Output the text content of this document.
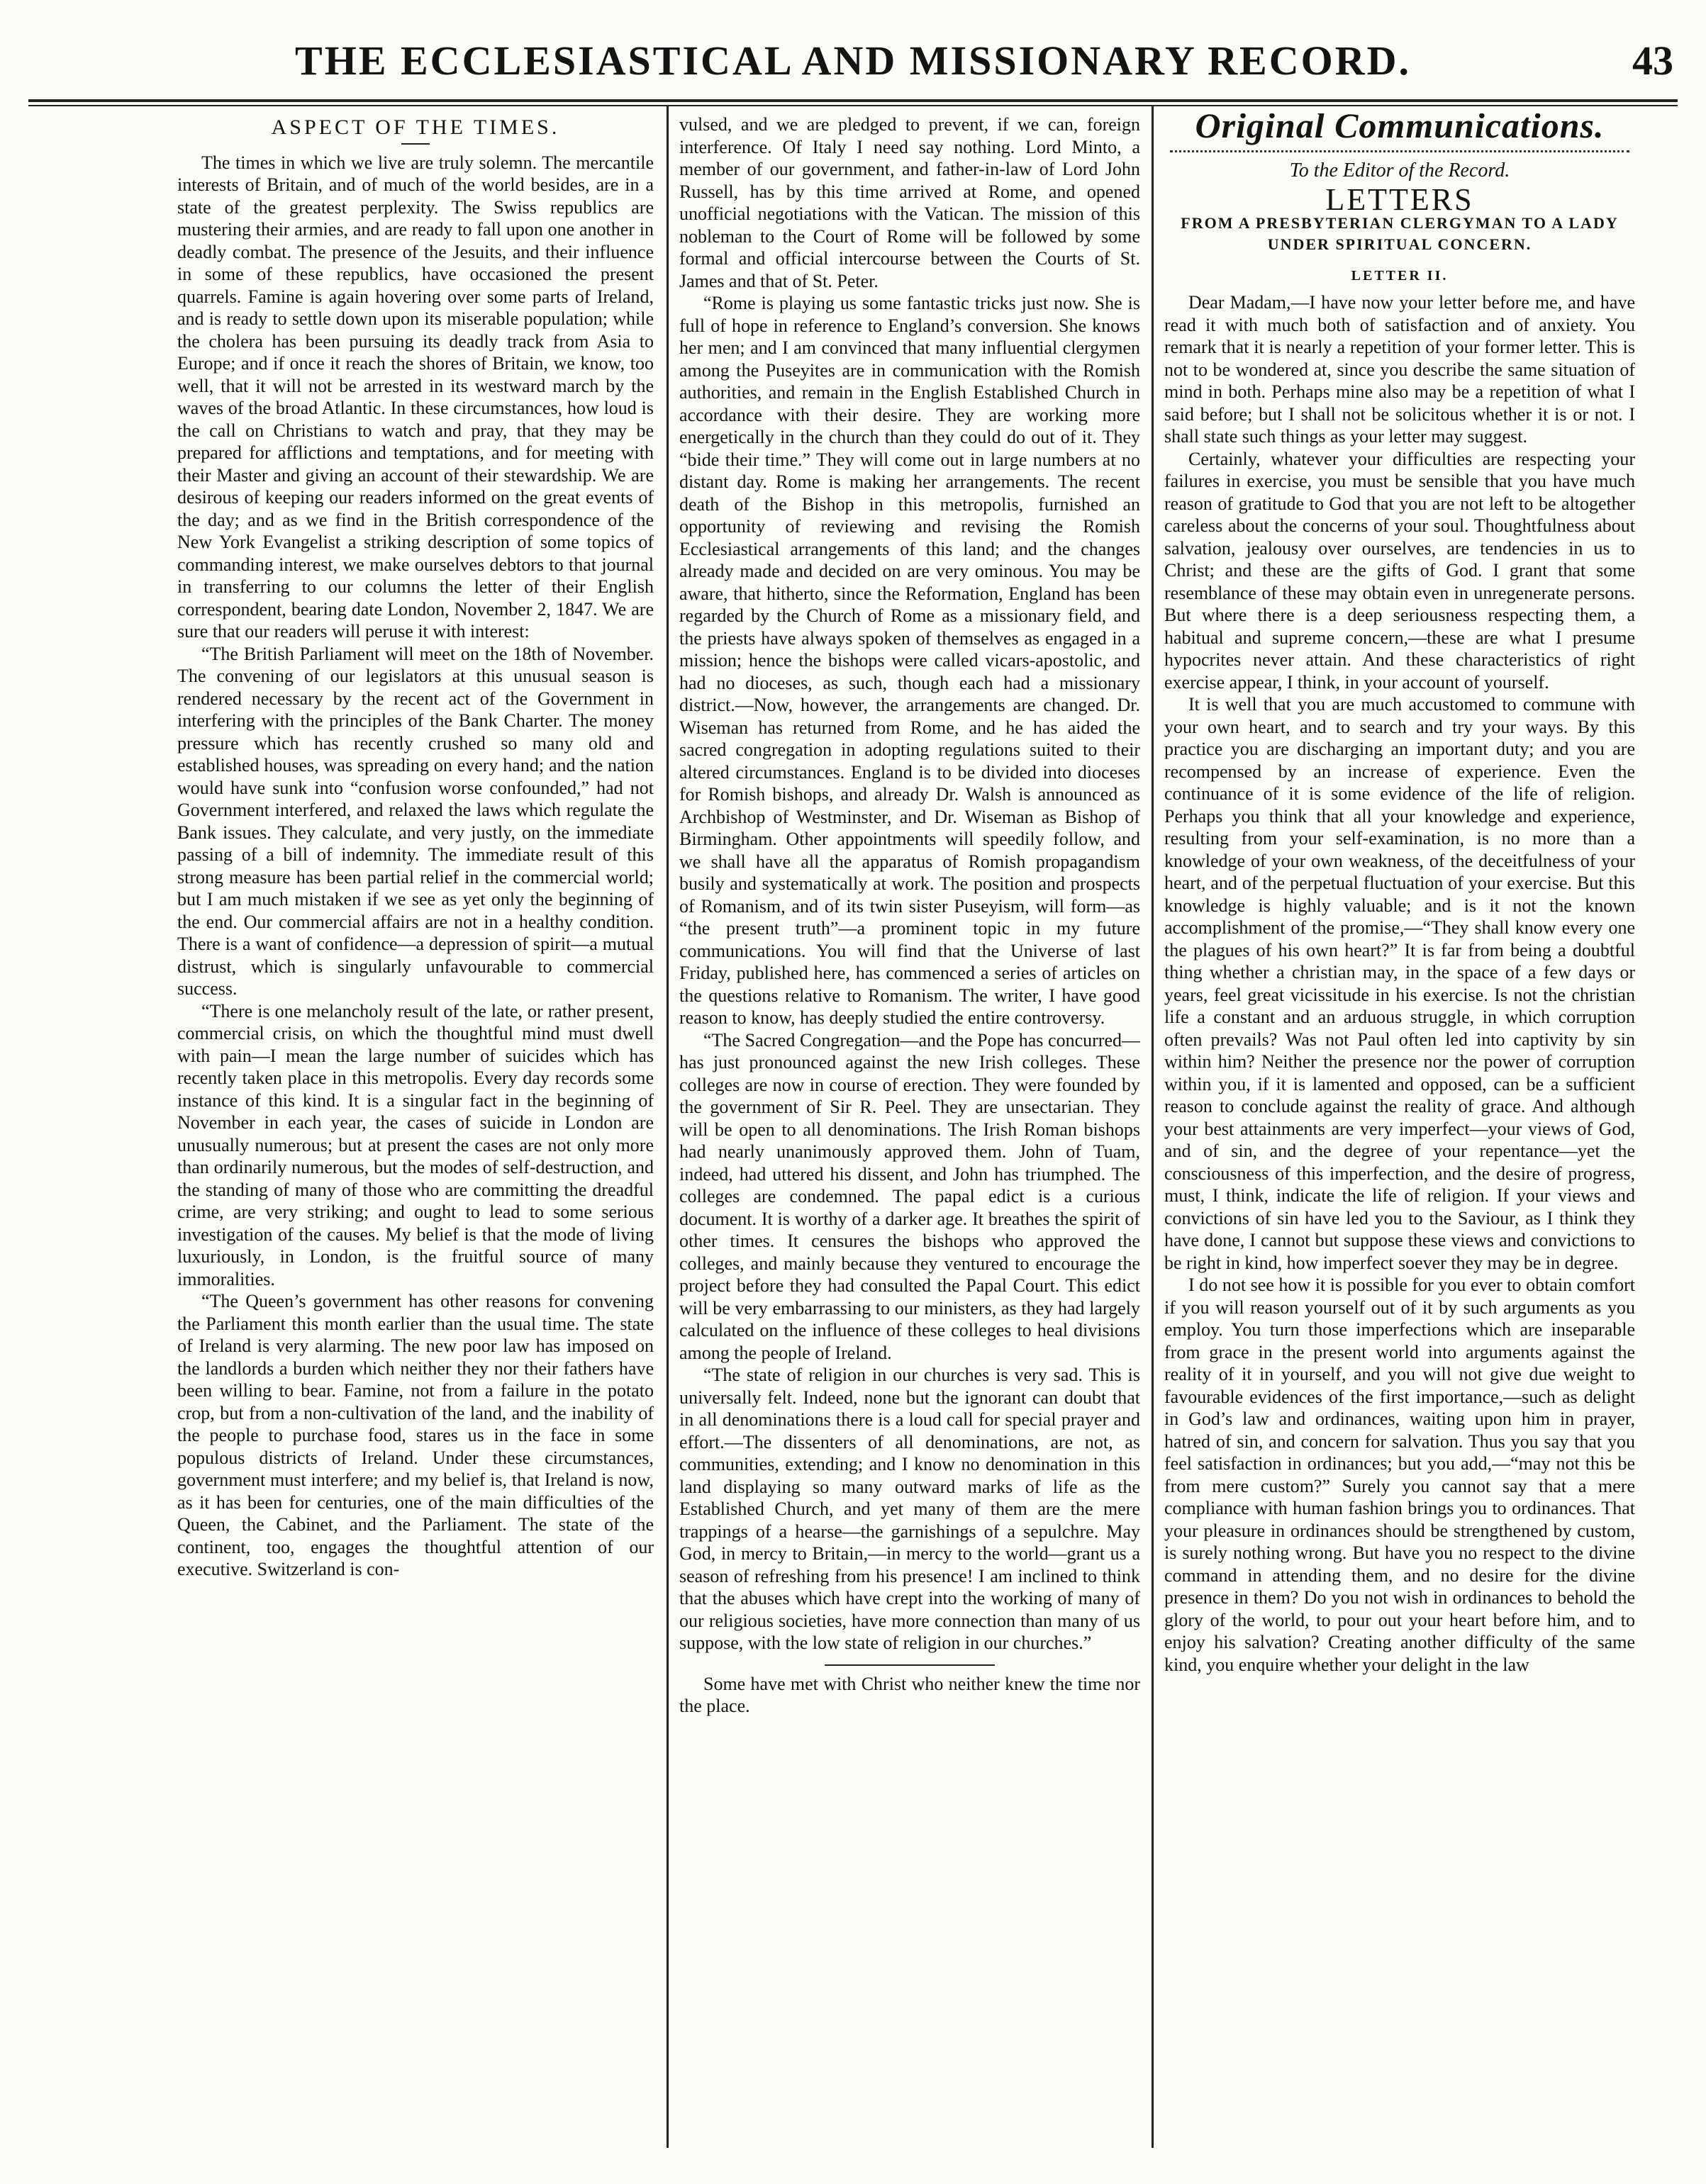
THE ECCLESIASTICAL AND MISSIONARY RECORD.	43
ASPECT OF THE TIMES.

The times in which we live are truly solemn. The mercantile interests of Britain, and of much of the world besides, are in a state of the greatest perplexity. The Swiss republics are mustering their armies, and are ready to fall upon one another in deadly combat. The presence of the Jesuits, and their influence in some of these republics, have occasioned the present quarrels. Famine is again hovering over some parts of Ireland, and is ready to settle down upon its miserable population; while the cholera has been pursuing its deadly track from Asia to Europe; and if once it reach the shores of Britain, we know, too well, that it will not be arrested in its westward march by the waves of the broad Atlantic. In these circumstances, how loud is the call on Christians to watch and pray, that they may be prepared for afflictions and temptations, and for meeting with their Master and giving an account of their stewardship. We are desirous of keeping our readers informed on the great events of the day; and as we find in the British correspondence of the New York Evangelist a striking description of some topics of commanding interest, we make ourselves debtors to that journal in transferring to our columns the letter of their English correspondent, bearing date London, November 2, 1847. We are sure that our readers will peruse it with interest:

“The British Parliament will meet on the 18th of November. The convening of our legislators at this unusual season is rendered necessary by the recent act of the Government in interfering with the principles of the Bank Charter. The money pressure which has recently crushed so many old and established houses, was spreading on every hand; and the nation would have sunk into “confusion worse confounded,” had not Government interfered, and relaxed the laws which regulate the Bank issues. They calculate, and very justly, on the immediate passing of a bill of indemnity. The immediate result of this strong measure has been partial relief in the commercial world; but I am much mistaken if we see as yet only the beginning of the end. Our commercial affairs are not in a healthy condition. There is a want of confidence—a depression of spirit—a mutual distrust, which is singularly unfavourable to commercial success.

“There is one melancholy result of the late, or rather present, commercial crisis, on which the thoughtful mind must dwell with pain—I mean the large number of suicides which has recently taken place in this metropolis. Every day records some instance of this kind. It is a singular fact in the beginning of November in each year, the cases of suicide in London are unusually numerous; but at present the cases are not only more than ordinarily numerous, but the modes of self-destruction, and the standing of many of those who are committing the dreadful crime, are very striking; and ought to lead to some serious investigation of the causes. My belief is that the mode of living luxuriously, in London, is the fruitful source of many immoralities.

“The Queen’s government has other reasons for convening the Parliament this month earlier than the usual time. The state of Ireland is very alarming. The new poor law has imposed on the landlords a burden which neither they nor their fathers have been willing to bear. Famine, not from a failure in the potato crop, but from a non-cultivation of the land, and the inability of the people to purchase food, stares us in the face in some populous districts of Ireland. Under these circumstances, government must interfere; and my belief is, that Ireland is now, as it has been for centuries, one of the main difficulties of the Queen, the Cabinet, and the Parliament. The state of the continent, too, engages the thoughtful attention of our executive. Switzerland is con-

vulsed, and we are pledged to prevent, if we can, foreign interference. Of Italy I need say nothing. Lord Minto, a member of our government, and father-in-law of Lord John Russell, has by this time arrived at Rome, and opened unofficial negotiations with the Vatican. The mission of this nobleman to the Court of Rome will be followed by some formal and official intercourse between the Courts of St. James and that of St. Peter.

“Rome is playing us some fantastic tricks just now. She is full of hope in reference to England’s conversion. She knows her men; and I am convinced that many influential clergymen among the Puseyites are in communication with the Romish authorities, and remain in the English Established Church in accordance with their desire. They are working more energetically in the church than they could do out of it. They “bide their time.” They will come out in large numbers at no distant day. Rome is making her arrangements. The recent death of the Bishop in this metropolis, furnished an opportunity of reviewing and revising the Romish Ecclesiastical arrangements of this land; and the changes already made and decided on are very ominous. You may be aware, that hitherto, since the Reformation, England has been regarded by the Church of Rome as a missionary field, and the priests have always spoken of themselves as engaged in a mission; hence the bishops were called vicars-apostolic, and had no dioceses, as such, though each had a missionary district.—Now, however, the arrangements are changed. Dr. Wiseman has returned from Rome, and he has aided the sacred congregation in adopting regulations suited to their altered circumstances. England is to be divided into dioceses for Romish bishops, and already Dr. Walsh is announced as Archbishop of Westminster, and Dr. Wiseman as Bishop of Birmingham. Other appointments will speedily follow, and we shall have all the apparatus of Romish propagandism busily and systematically at work. The position and prospects of Romanism, and of its twin sister Puseyism, will form—as “the present truth”—a prominent topic in my future communications. You will find that the Universe of last Friday, published here, has commenced a series of articles on the questions relative to Romanism. The writer, I have good reason to know, has deeply studied the entire controversy.

“The Sacred Congregation—and the Pope has concurred—has just pronounced against the new Irish colleges. These colleges are now in course of erection. They were founded by the government of Sir R. Peel. They are unsectarian. They will be open to all denominations. The Irish Roman bishops had nearly unanimously approved them. John of Tuam, indeed, had uttered his dissent, and John has triumphed. The colleges are condemned. The papal edict is a curious document. It is worthy of a darker age. It breathes the spirit of other times. It censures the bishops who approved the colleges, and mainly because they ventured to encourage the project before they had consulted the Papal Court. This edict will be very embarrassing to our ministers, as they had largely calculated on the influence of these colleges to heal divisions among the people of Ireland.

“The state of religion in our churches is very sad. This is universally felt. Indeed, none but the ignorant can doubt that in all denominations there is a loud call for special prayer and effort.—The dissenters of all denominations, are not, as communities, extending; and I know no denomination in this land displaying so many outward marks of life as the Established Church, and yet many of them are the mere trappings of a hearse—the garnishings of a sepulchre. May God, in mercy to Britain,—in mercy to the world—grant us a season of refreshing from his presence! I am inclined to think that the abuses which have crept into the working of many of our religious societies, have more connection than many of us suppose, with the low state of religion in our churches.”

Some have met with Christ who neither knew the time nor the place.

Original Communications.
To the Editor of the Record.
LETTERS
FROM A PRESBYTERIAN CLERGYMAN TO A LADY UNDER SPIRITUAL CONCERN.
LETTER II.

Dear Madam,—I have now your letter before me, and have read it with much both of satisfaction and of anxiety. You remark that it is nearly a repetition of your former letter. This is not to be wondered at, since you describe the same situation of mind in both. Perhaps mine also may be a repetition of what I said before; but I shall not be solicitous whether it is or not. I shall state such things as your letter may suggest.

Certainly, whatever your difficulties are respecting your failures in exercise, you must be sensible that you have much reason of gratitude to God that you are not left to be altogether careless about the concerns of your soul. Thoughtfulness about salvation, jealousy over ourselves, are tendencies in us to Christ; and these are the gifts of God. I grant that some resemblance of these may obtain even in unregenerate persons. But where there is a deep seriousness respecting them, a habitual and supreme concern,—these are what I presume hypocrites never attain. And these characteristics of right exercise appear, I think, in your account of yourself.

It is well that you are much accustomed to commune with your own heart, and to search and try your ways. By this practice you are discharging an important duty; and you are recompensed by an increase of experience. Even the continuance of it is some evidence of the life of religion. Perhaps you think that all your knowledge and experience, resulting from your self-examination, is no more than a knowledge of your own weakness, of the deceitfulness of your heart, and of the perpetual fluctuation of your exercise. But this knowledge is highly valuable; and is it not the known accomplishment of the promise,—“They shall know every one the plagues of his own heart?” It is far from being a doubtful thing whether a christian may, in the space of a few days or years, feel great vicissitude in his exercise. Is not the christian life a constant and an arduous struggle, in which corruption often prevails? Was not Paul often led into captivity by sin within him? Neither the presence nor the power of corruption within you, if it is lamented and opposed, can be a sufficient reason to conclude against the reality of grace. And although your best attainments are very imperfect—your views of God, and of sin, and the degree of your repentance—yet the consciousness of this imperfection, and the desire of progress, must, I think, indicate the life of religion. If your views and convictions of sin have led you to the Saviour, as I think they have done, I cannot but suppose these views and convictions to be right in kind, how imperfect soever they may be in degree.

I do not see how it is possible for you ever to obtain comfort if you will reason yourself out of it by such arguments as you employ. You turn those imperfections which are inseparable from grace in the present world into arguments against the reality of it in yourself, and you will not give due weight to favourable evidences of the first importance,—such as delight in God’s law and ordinances, waiting upon him in prayer, hatred of sin, and concern for salvation. Thus you say that you feel satisfaction in ordinances; but you add,—“may not this be from mere custom?” Surely you cannot say that a mere compliance with human fashion brings you to ordinances. That your pleasure in ordinances should be strengthened by custom, is surely nothing wrong. But have you no respect to the divine command in attending them, and no desire for the divine presence in them? Do you not wish in ordinances to behold the glory of the world, to pour out your heart before him, and to enjoy his salvation? Creating another difficulty of the same kind, you enquire whether your delight in the law
